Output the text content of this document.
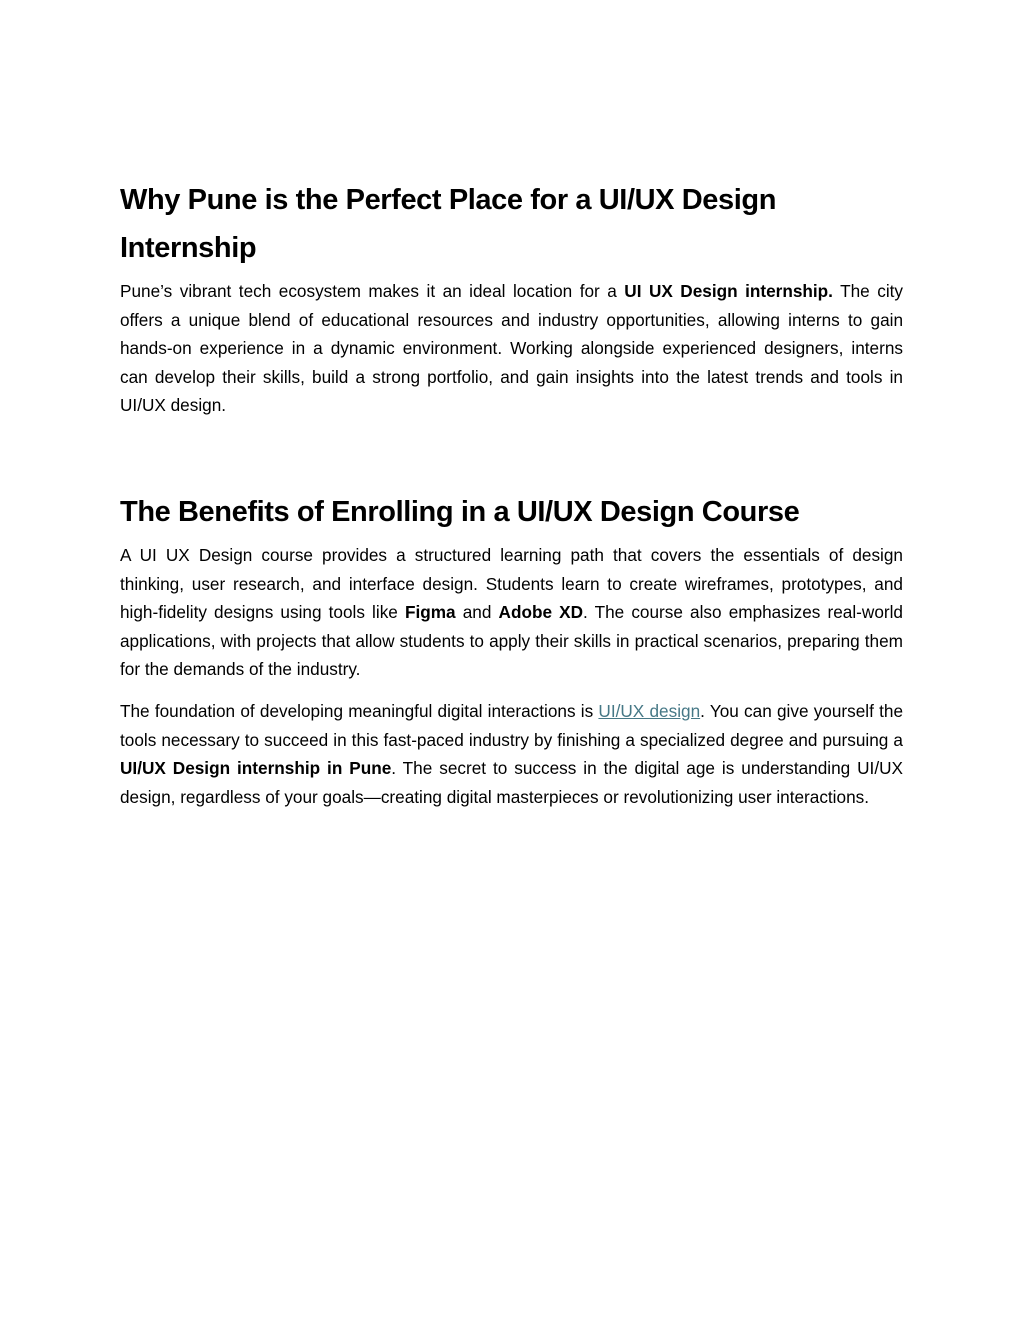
Why Pune is the Perfect Place for a UI/UX Design Internship

Pune’s vibrant tech ecosystem makes it an ideal location for a UI UX Design internship. The city offers a unique blend of educational resources and industry opportunities, allowing interns to gain hands-on experience in a dynamic environment. Working alongside experienced designers, interns can develop their skills, build a strong portfolio, and gain insights into the latest trends and tools in UI/UX design.

The Benefits of Enrolling in a UI/UX Design Course

A UI UX Design course provides a structured learning path that covers the essentials of design thinking, user research, and interface design. Students learn to create wireframes, prototypes, and high-fidelity designs using tools like Figma and Adobe XD. The course also emphasizes real-world applications, with projects that allow students to apply their skills in practical scenarios, preparing them for the demands of the industry.

The foundation of developing meaningful digital interactions is UI/UX design. You can give yourself the tools necessary to succeed in this fast-paced industry by finishing a specialized degree and pursuing a UI/UX Design internship in Pune. The secret to success in the digital age is understanding UI/UX design, regardless of your goals—creating digital masterpieces or revolutionizing user interactions.
